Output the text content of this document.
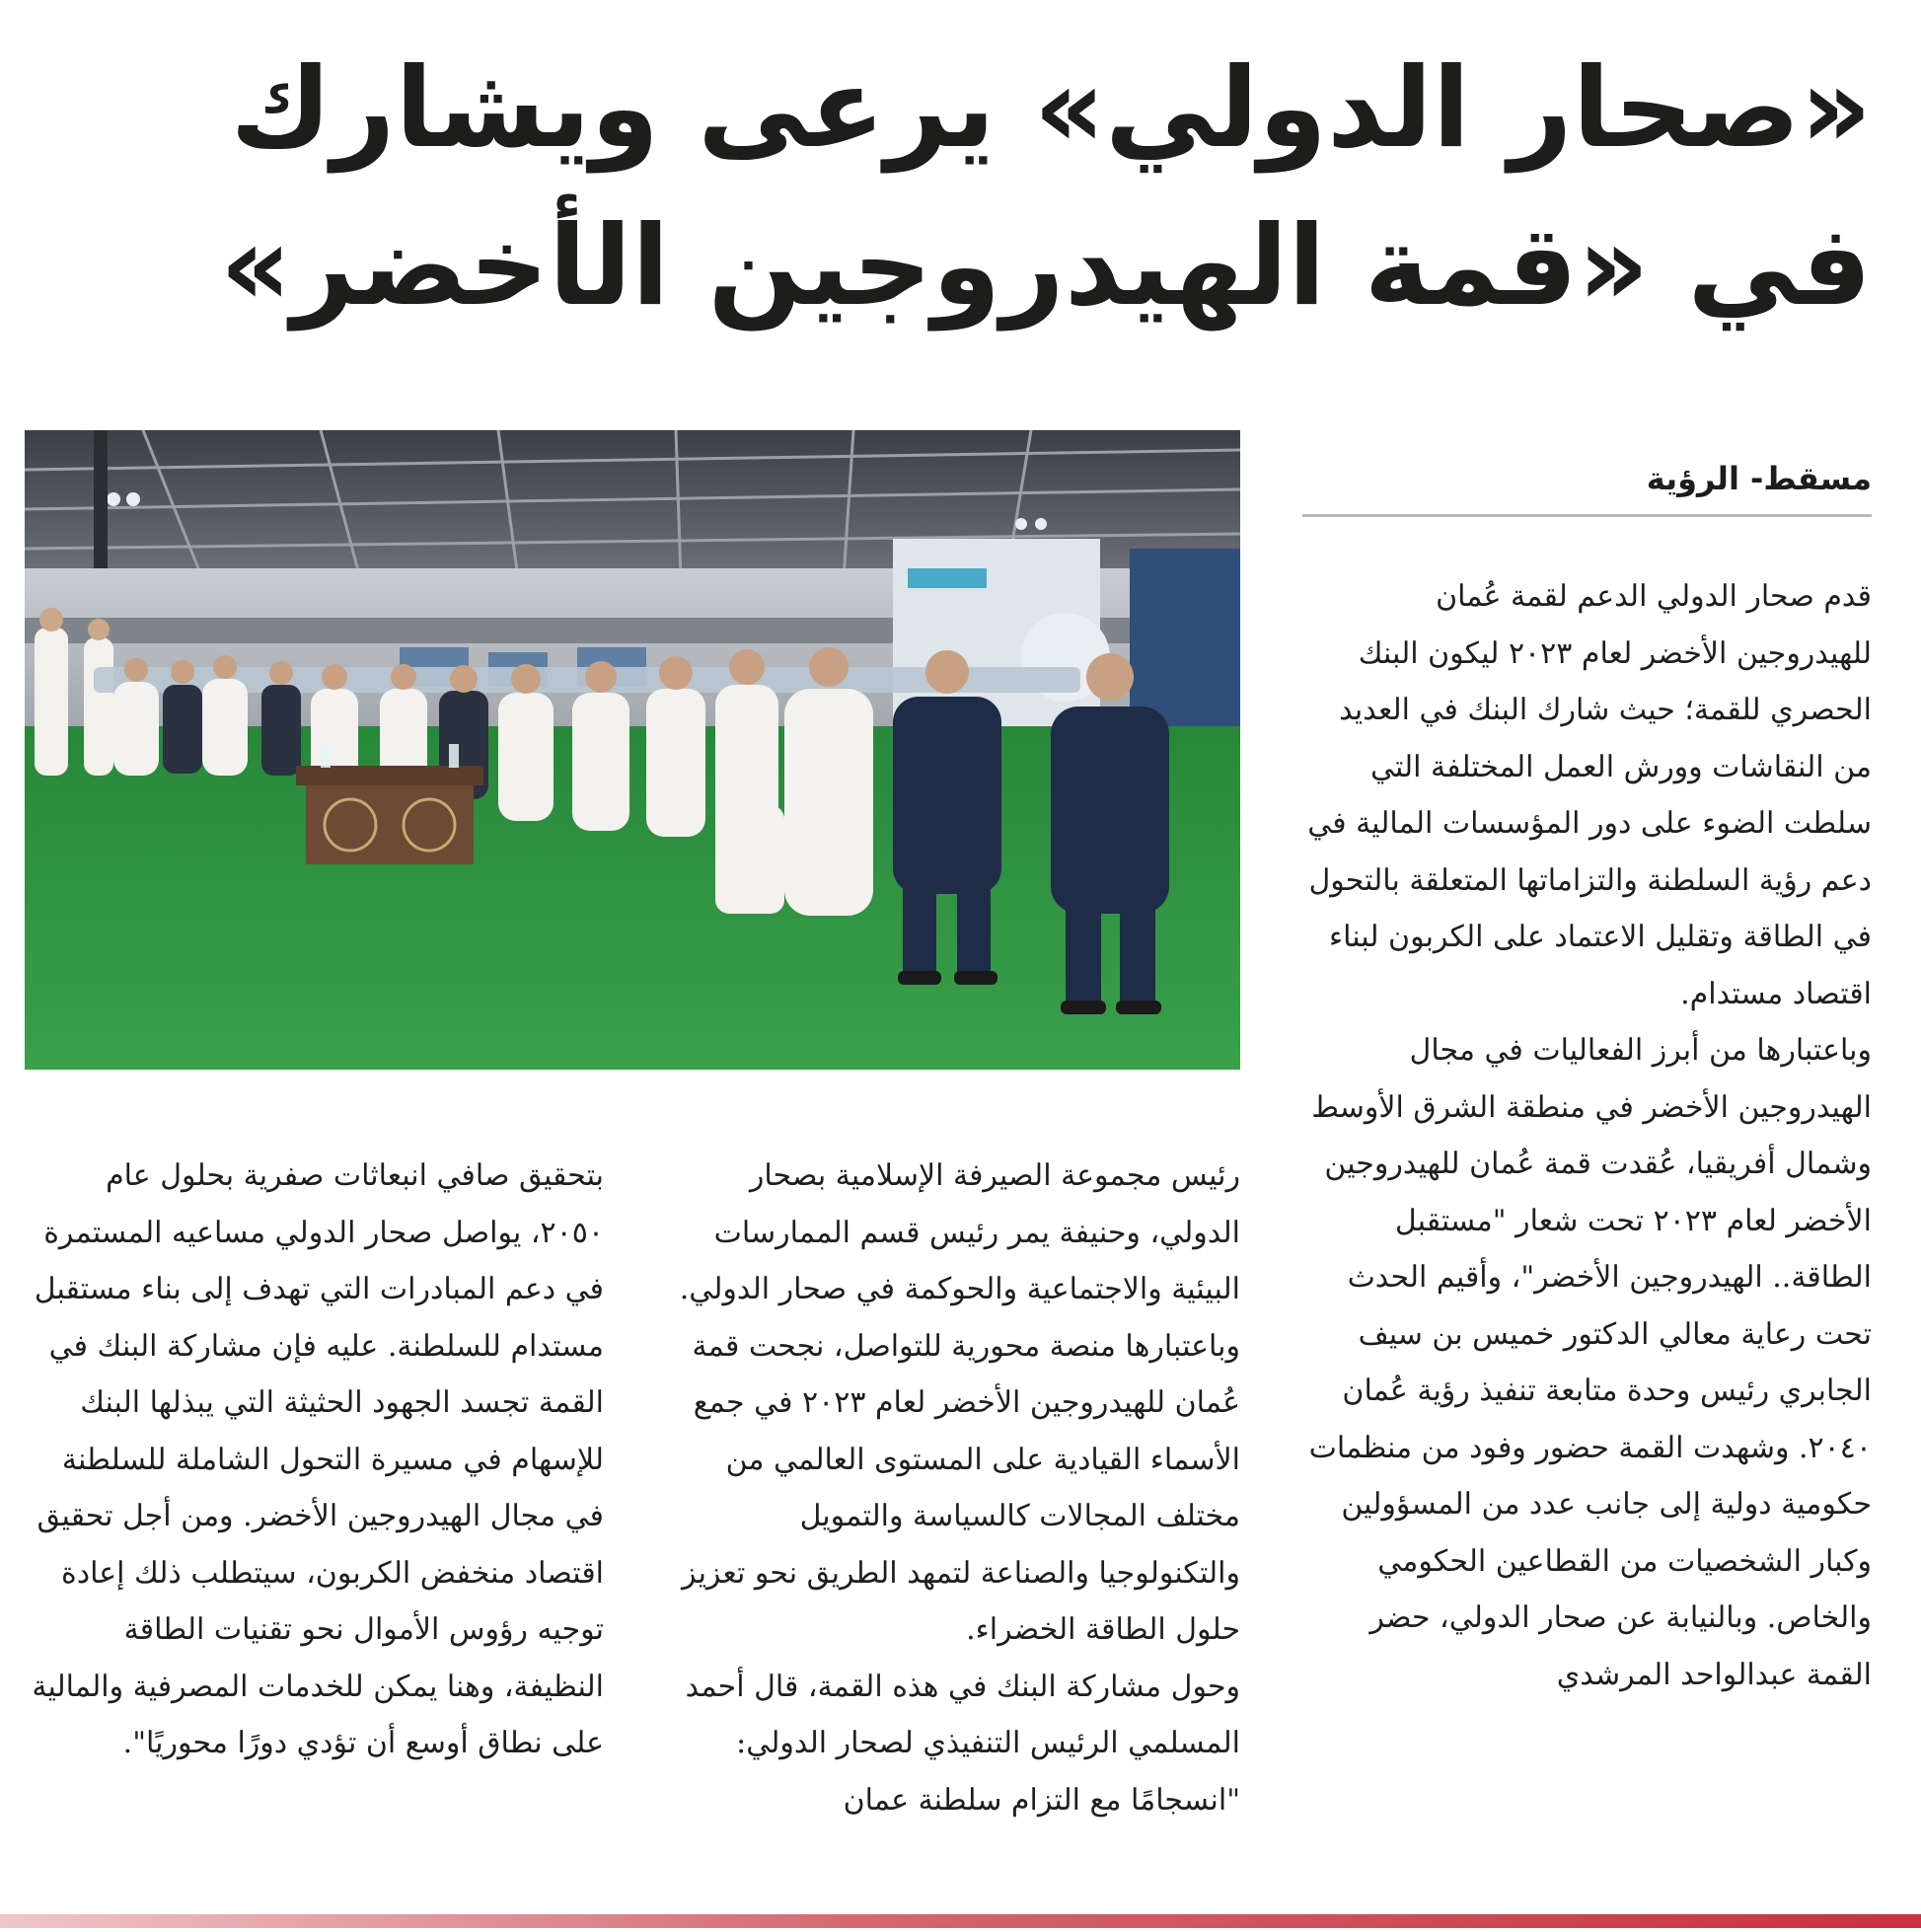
«صحار الدولي» يرعى ويشارك
في «قمة الهيدروجين الأخضر»
مسقط- الرؤية

قدم صحار الدولي الدعم لقمة عُمان للهيدروجين الأخضر لعام ٢٠٢٣ ليكون البنك الحصري للقمة؛ حيث شارك البنك في العديد من النقاشات وورش العمل المختلفة التي سلطت الضوء على دور المؤسسات المالية في دعم رؤية السلطنة والتزاماتها المتعلقة بالتحول في الطاقة وتقليل الاعتماد على الكربون لبناء اقتصاد مستدام.

وباعتبارها من أبرز الفعاليات في مجال الهيدروجين الأخضر في منطقة الشرق الأوسط وشمال أفريقيا، عُقدت قمة عُمان للهيدروجين الأخضر لعام ٢٠٢٣ تحت شعار "مستقبل الطاقة.. الهيدروجين الأخضر"، وأقيم الحدث تحت رعاية معالي الدكتور خميس بن سيف الجابري رئيس وحدة متابعة تنفيذ رؤية عُمان ٢٠٤٠. وشهدت القمة حضور وفود من منظمات حكومية دولية إلى جانب عدد من المسؤولين وكبار الشخصيات من القطاعين الحكومي والخاص. وبالنيابة عن صحار الدولي، حضر القمة عبدالواحد المرشدي

رئيس مجموعة الصيرفة الإسلامية بصحار الدولي، وحنيفة يمر رئيس قسم الممارسات البيئية والاجتماعية والحوكمة في صحار الدولي. وباعتبارها منصة محورية للتواصل، نجحت قمة عُمان للهيدروجين الأخضر لعام ٢٠٢٣ في جمع الأسماء القيادية على المستوى العالمي من مختلف المجالات كالسياسة والتمويل والتكنولوجيا والصناعة لتمهد الطريق نحو تعزيز حلول الطاقة الخضراء.

وحول مشاركة البنك في هذه القمة، قال أحمد المسلمي الرئيس التنفيذي لصحار الدولي: "انسجامًا مع التزام سلطنة عمان

بتحقيق صافي انبعاثات صفرية بحلول عام ٢٠٥٠، يواصل صحار الدولي مساعيه المستمرة في دعم المبادرات التي تهدف إلى بناء مستقبل مستدام للسلطنة. عليه فإن مشاركة البنك في القمة تجسد الجهود الحثيثة التي يبذلها البنك للإسهام في مسيرة التحول الشاملة للسلطنة في مجال الهيدروجين الأخضر. ومن أجل تحقيق اقتصاد منخفض الكربون، سيتطلب ذلك إعادة توجيه رؤوس الأموال نحو تقنيات الطاقة النظيفة، وهنا يمكن للخدمات المصرفية والمالية على نطاق أوسع أن تؤدي دورًا محوريًا".
